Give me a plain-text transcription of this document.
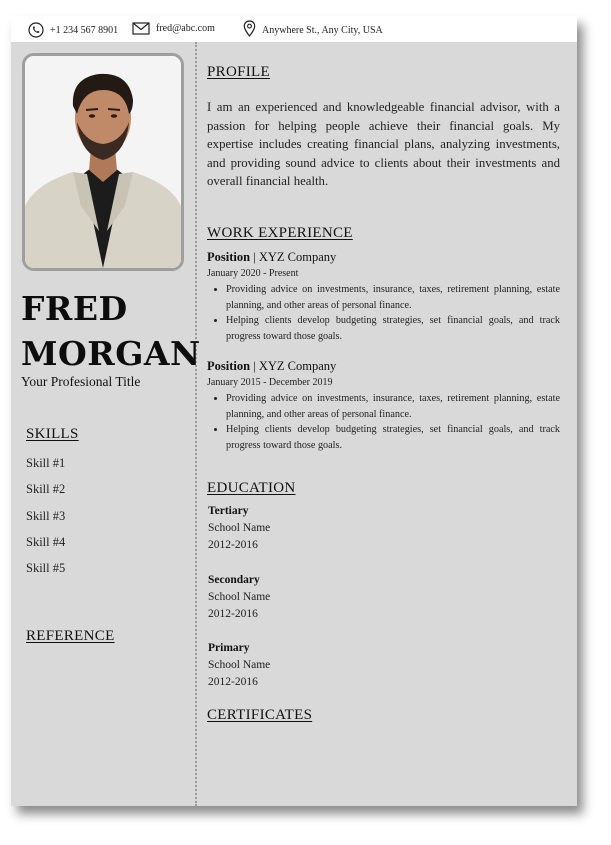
+1 234 567 8901	fred@abc.com	Anywhere St., Any City, USA
FRED
MORGAN
Your Profesional Title
SKILLS
Skill #1
Skill #2
Skill #3
Skill #4
Skill #5
REFERENCE
PROFILE
I am an experienced and knowledgeable financial advisor, with a passion for helping people achieve their financial goals. My expertise includes creating financial plans, analyzing investments, and providing sound advice to clients about their investments and overall financial health.
WORK EXPERIENCE
Position | XYZ Company
January 2020 - Present
• Providing advice on investments, insurance, taxes, retirement planning, estate planning, and other areas of personal finance.
• Helping clients develop budgeting strategies, set financial goals, and track progress toward those goals.
Position | XYZ Company
January 2015 - December 2019
• Providing advice on investments, insurance, taxes, retirement planning, estate planning, and other areas of personal finance.
• Helping clients develop budgeting strategies, set financial goals, and track progress toward those goals.
EDUCATION
Tertiary
School Name
2012-2016
Secondary
School Name
2012-2016
Primary
School Name
2012-2016
CERTIFICATES
